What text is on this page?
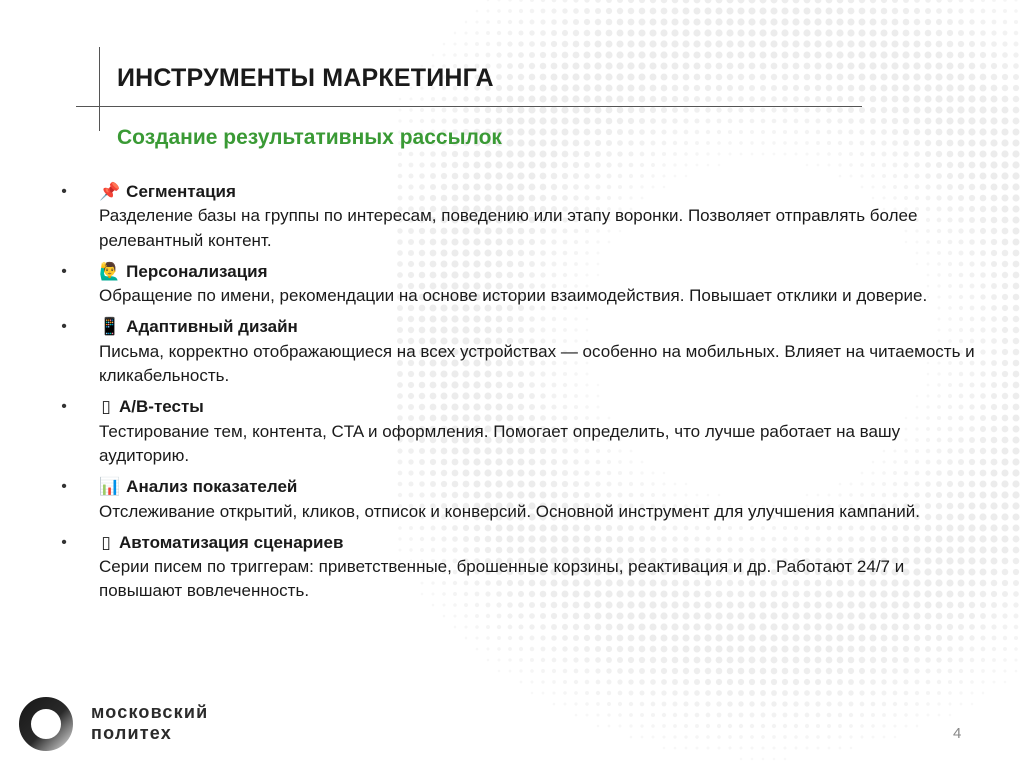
ИНСТРУМЕНТЫ МАРКЕТИНГА
Создание результативных рассылок
• 📌 Сегментация
Разделение базы на группы по интересам, поведению или этапу воронки. Позволяет отправлять более релевантный контент.
• 🙋‍♂️ Персонализация
Обращение по имени, рекомендации на основе истории взаимодействия. Повышает отклики и доверие.
• 📱 Адаптивный дизайн
Письма, корректно отображающиеся на всех устройствах — особенно на мобильных. Влияет на читаемость и кликабельность.
• ▯ A/B-тесты
Тестирование тем, контента, CTA и оформления. Помогает определить, что лучше работает на вашу аудиторию.
• 📊 Анализ показателей
Отслеживание открытий, кликов, отписок и конверсий. Основной инструмент для улучшения кампаний.
• ▯ Автоматизация сценариев
Серии писем по триггерам: приветственные, брошенные корзины, реактивация и др. Работают 24/7 и повышают вовлеченность.
московский
политех	4
